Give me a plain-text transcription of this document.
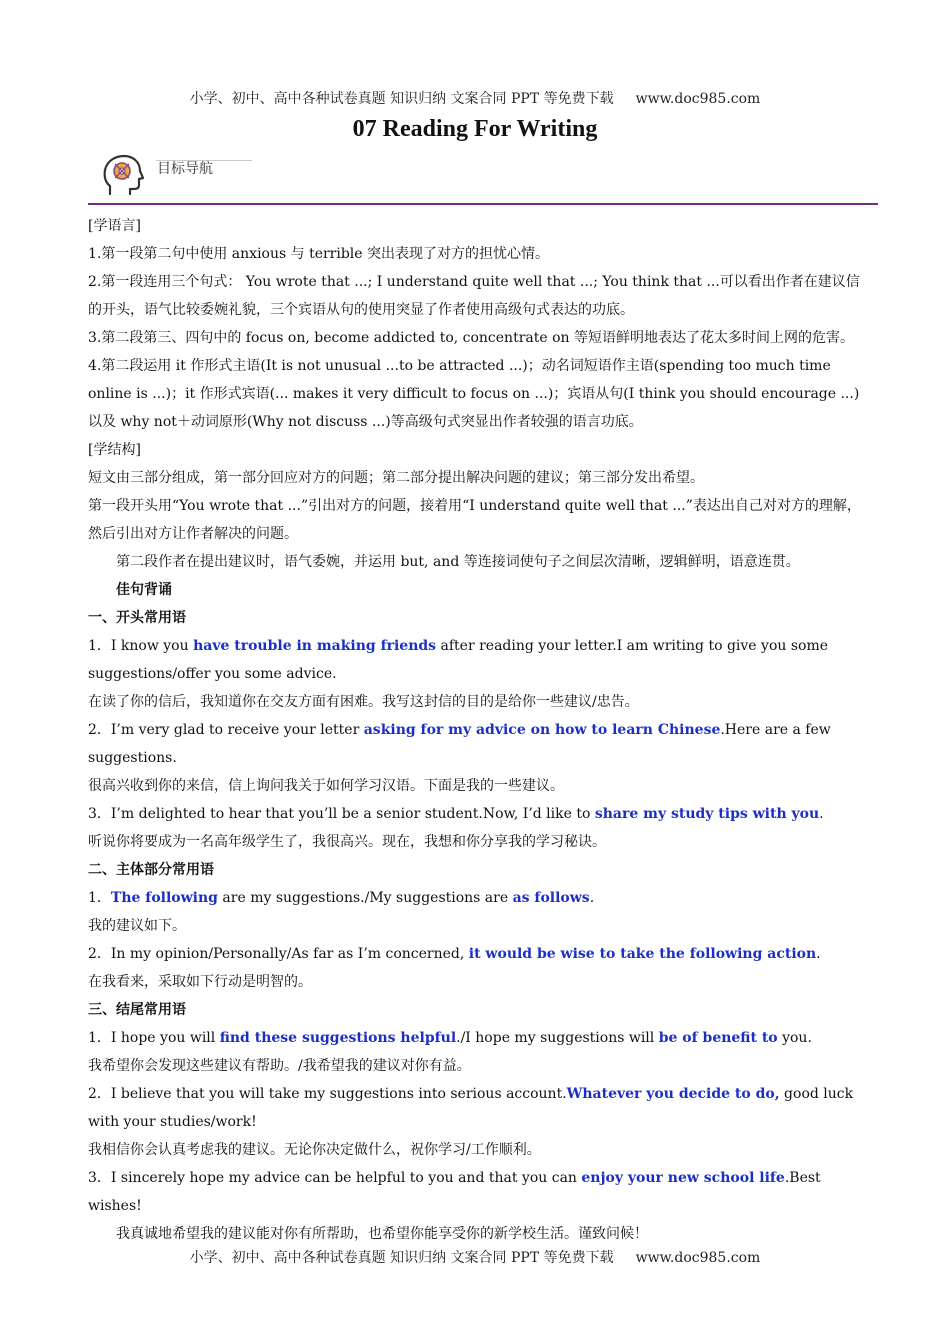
小学、初中、高中各种试卷真题 知识归纳 文案合同 PPT 等免费下载 www.doc985.com
07 Reading For Writing
目标导航

[学语言]

1.第一段第二句中使用 anxious 与 terrible 突出表现了对方的担忧心情。

2.第一段连用三个句式： You wrote that ...; I understand quite well that ...; You think that ...可以看出作者在建议信的开头，语气比较委婉礼貌，三个宾语从句的使用突显了作者使用高级句式表达的功底。

3.第二段第三、四句中的 focus on, become addicted to, concentrate on 等短语鲜明地表达了花太多时间上网的危害。

4.第二段运用 it 作形式主语(It is not unusual ...to be attracted ...)；动名词短语作主语(spending too much time online is ...)；it 作形式宾语(... makes it very difficult to focus on ...)；宾语从句(I think you should encourage ...)以及 why not＋动词原形(Why not discuss ...)等高级句式突显出作者较强的语言功底。

[学结构]

短文由三部分组成，第一部分回应对方的问题；第二部分提出解决问题的建议；第三部分发出希望。

第一段开头用“You wrote that ...”引出对方的问题，接着用“I understand quite well that ...”表达出自己对对方的理解，然后引出对方让作者解决的问题。

第二段作者在提出建议时，语气委婉，并运用 but, and 等连接词使句子之间层次清晰，逻辑鲜明，语意连贯。

佳句背诵

一、开头常用语

1．I know you have trouble in making friends after reading your letter.I am writing to give you some suggestions/offer you some advice.

在读了你的信后，我知道你在交友方面有困难。我写这封信的目的是给你一些建议/忠告。

2．I’m very glad to receive your letter asking for my advice on how to learn Chinese.Here are a few suggestions.

很高兴收到你的来信，信上询问我关于如何学习汉语。下面是我的一些建议。

3．I’m delighted to hear that you’ll be a senior student.Now, I’d like to share my study tips with you.

听说你将要成为一名高年级学生了，我很高兴。现在，我想和你分享我的学习秘诀。

二、主体部分常用语

1．The following are my suggestions./My suggestions are as follows.

我的建议如下。

2．In my opinion/Personally/As far as I’m concerned, it would be wise to take the following action.

在我看来，采取如下行动是明智的。

三、结尾常用语

1．I hope you will find these suggestions helpful./I hope my suggestions will be of benefit to you.

我希望你会发现这些建议有帮助。/我希望我的建议对你有益。

2．I believe that you will take my suggestions into serious account.Whatever you decide to do, good luck with your studies/work!

我相信你会认真考虑我的建议。无论你决定做什么，祝你学习/工作顺利。

3．I sincerely hope my advice can be helpful to you and that you can enjoy your new school life.Best wishes!

我真诚地希望我的建议能对你有所帮助，也希望你能享受你的新学校生活。谨致问候！

小学、初中、高中各种试卷真题 知识归纳 文案合同 PPT 等免费下载 www.doc985.com
